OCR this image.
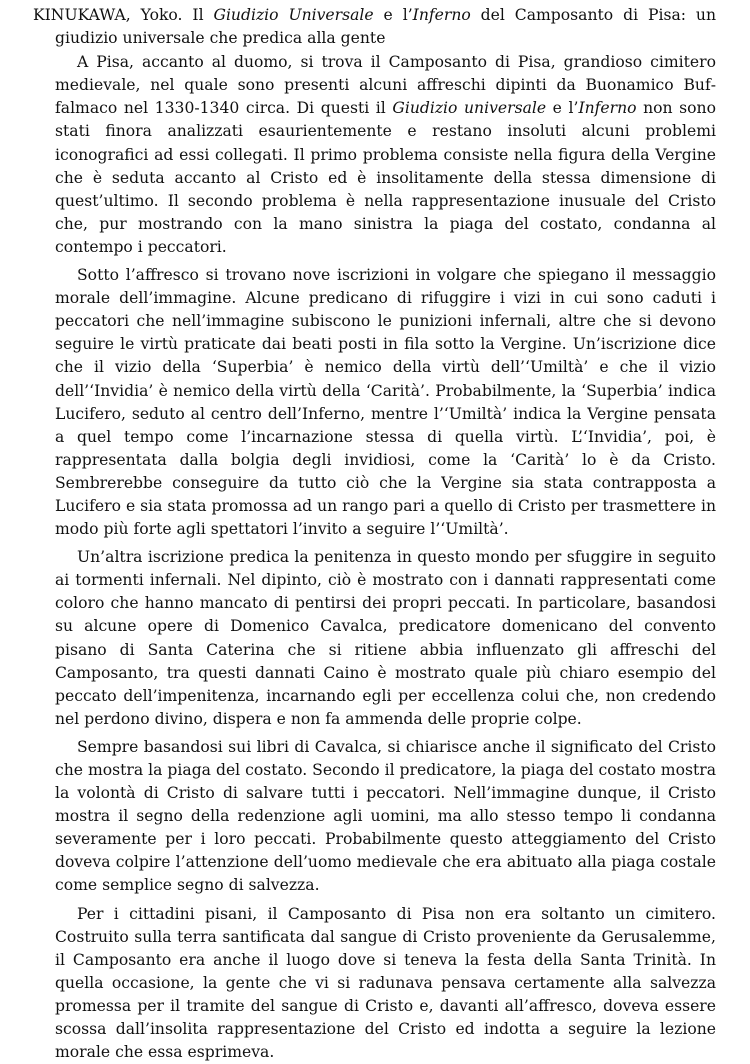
KINUKAWA, Yoko. Il Giudizio Universale e l’Inferno del Camposanto di Pisa: un giudizio universale che predica alla gente

A Pisa, accanto al duomo, si trova il Camposanto di Pisa, grandioso cimitero medievale, nel quale sono presenti alcuni affreschi dipinti da Buonamico Buffalmaco nel 1330-1340 circa. Di questi il Giudizio universale e l’Inferno non sono stati finora analizzati esaurientemente e restano insoluti alcuni problemi iconografici ad essi collegati. Il primo problema consiste nella figura della Vergine che è seduta accanto al Cristo ed è insolitamente della stessa dimensione di quest’ultimo. Il secondo problema è nella rappresentazione inusuale del Cristo che, pur mostrando con la mano sinistra la piaga del costato, condanna al contempo i peccatori.

Sotto l’affresco si trovano nove iscrizioni in volgare che spiegano il messaggio morale dell’immagine. Alcune predicano di rifuggire i vizi in cui sono caduti i peccatori che nell’immagine subiscono le punizioni infernali, altre che si devono seguire le virtù praticate dai beati posti in fila sotto la Vergine. Un’iscrizione dice che il vizio della ‘Superbia’ è nemico della virtù dell’‘Umiltà’ e che il vizio dell’‘Invidia’ è nemico della virtù della ‘Carità’. Probabilmente, la ‘Superbia’ indica Lucifero, seduto al centro dell’Inferno, mentre l’‘Umiltà’ indica la Vergine pensata a quel tempo come l’incarnazione stessa di quella virtù. L’‘Invidia’, poi, è rappresentata dalla bolgia degli invidiosi, come la ‘Carità’ lo è da Cristo. Sembrerebbe conseguire da tutto ciò che la Vergine sia stata contrapposta a Lucifero e sia stata promossa ad un rango pari a quello di Cristo per trasmettere in modo più forte agli spettatori l’invito a seguire l’‘Umiltà’.

Un’altra iscrizione predica la penitenza in questo mondo per sfuggire in seguito ai tormenti infernali. Nel dipinto, ciò è mostrato con i dannati rappresentati come coloro che hanno mancato di pentirsi dei propri peccati. In particolare, basandosi su alcune opere di Domenico Cavalca, predicatore domenicano del convento pisano di Santa Caterina che si ritiene abbia influenzato gli affreschi del Camposanto, tra questi dannati Caino è mostrato quale più chiaro esempio del peccato dell’impenitenza, incarnando egli per eccellenza colui che, non credendo nel perdono divino, dispera e non fa ammenda delle proprie colpe.

Sempre basandosi sui libri di Cavalca, si chiarisce anche il significato del Cristo che mostra la piaga del costato. Secondo il predicatore, la piaga del costato mostra la volontà di Cristo di salvare tutti i peccatori. Nell’immagine dunque, il Cristo mostra il segno della redenzione agli uomini, ma allo stesso tempo li condanna severamente per i loro peccati. Probabilmente questo atteggiamento del Cristo doveva colpire l’attenzione dell’uomo medievale che era abituato alla piaga costale come semplice segno di salvezza.

Per i cittadini pisani, il Camposanto di Pisa non era soltanto un cimitero. Costruito sulla terra santificata dal sangue di Cristo proveniente da Gerusalemme, il Camposanto era anche il luogo dove si teneva la festa della Santa Trinità. In quella occasione, la gente che vi si radunava pensava certamente alla salvezza promessa per il tramite del sangue di Cristo e, davanti all’affresco, doveva essere scossa dall’insolita rappresentazione del Cristo ed indotta a seguire la lezione morale che essa esprimeva.
